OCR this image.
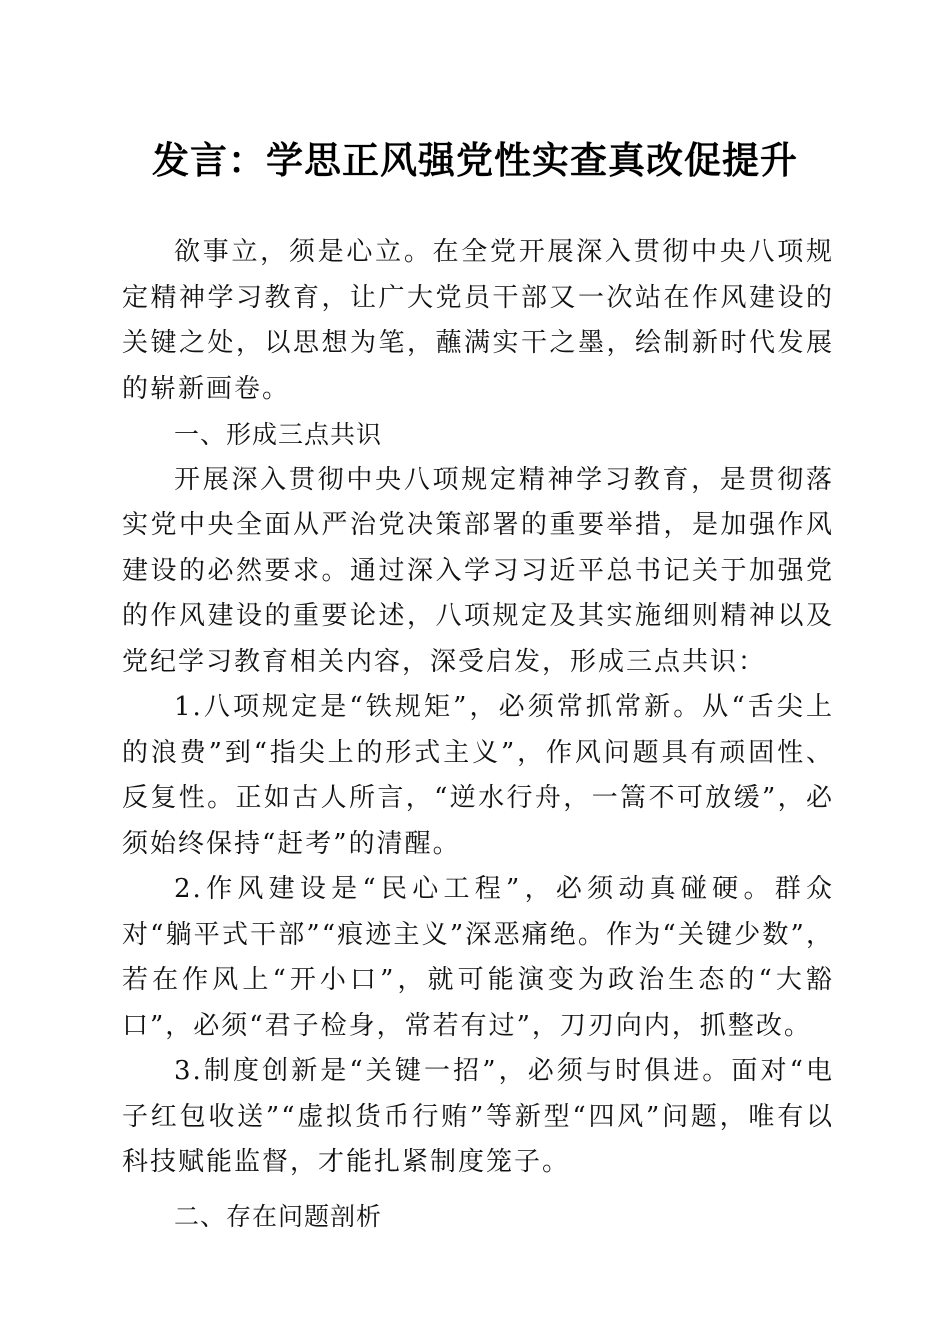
发言：学思正风强党性实查真改促提升

欲事立，须是心立。在全党开展深入贯彻中央八项规定精神学习教育，让广大党员干部又一次站在作风建设的关键之处，以思想为笔，蘸满实干之墨，绘制新时代发展的崭新画卷。

一、形成三点共识

开展深入贯彻中央八项规定精神学习教育，是贯彻落实党中央全面从严治党决策部署的重要举措，是加强作风建设的必然要求。通过深入学习习近平总书记关于加强党的作风建设的重要论述，八项规定及其实施细则精神以及党纪学习教育相关内容，深受启发，形成三点共识：

1.八项规定是“铁规矩”，必须常抓常新。从“舌尖上的浪费”到“指尖上的形式主义”，作风问题具有顽固性、反复性。正如古人所言，“逆水行舟，一篙不可放缓”，必须始终保持“赶考”的清醒。

2.作风建设是“民心工程”，必须动真碰硬。群众对“躺平式干部”“痕迹主义”深恶痛绝。作为“关键少数”，若在作风上“开小口”，就可能演变为政治生态的“大豁口”，必须“君子检身，常若有过”，刀刃向内，抓整改。

3.制度创新是“关键一招”，必须与时俱进。面对“电子红包收送”“虚拟货币行贿”等新型“四风”问题，唯有以科技赋能监督，才能扎紧制度笼子。

二、存在问题剖析
